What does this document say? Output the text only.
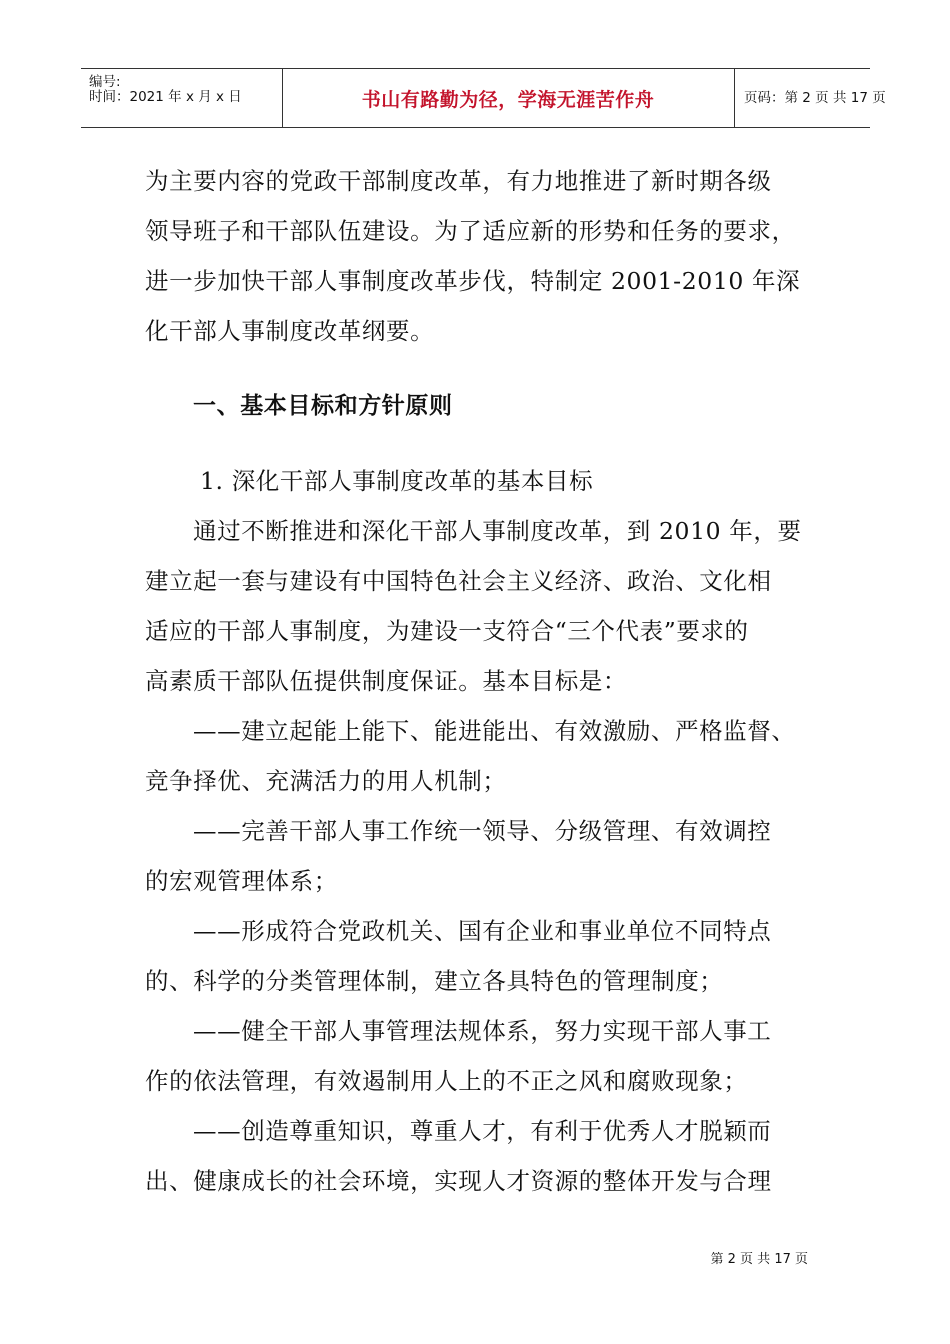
编号:
时间：2021 年 x 月 x 日	书山有路勤为径，学海无涯苦作舟	页码：第 2 页 共 17 页
为主要内容的党政干部制度改革，有力地推进了新时期各级
领导班子和干部队伍建设。为了适应新的形势和任务的要求，
进一步加快干部人事制度改革步伐，特制定 2001-2010 年深
化干部人事制度改革纲要。
一、基本目标和方针原则
1. 深化干部人事制度改革的基本目标
通过不断推进和深化干部人事制度改革，到 2010 年，要
建立起一套与建设有中国特色社会主义经济、政治、文化相
适应的干部人事制度，为建设一支符合“三个代表”要求的
高素质干部队伍提供制度保证。基本目标是：
——建立起能上能下、能进能出、有效激励、严格监督、
竞争择优、充满活力的用人机制；
——完善干部人事工作统一领导、分级管理、有效调控
的宏观管理体系；
——形成符合党政机关、国有企业和事业单位不同特点
的、科学的分类管理体制，建立各具特色的管理制度；
——健全干部人事管理法规体系，努力实现干部人事工
作的依法管理，有效遏制用人上的不正之风和腐败现象；
——创造尊重知识，尊重人才，有利于优秀人才脱颖而
出、健康成长的社会环境，实现人才资源的整体开发与合理
第 2 页 共 17 页
